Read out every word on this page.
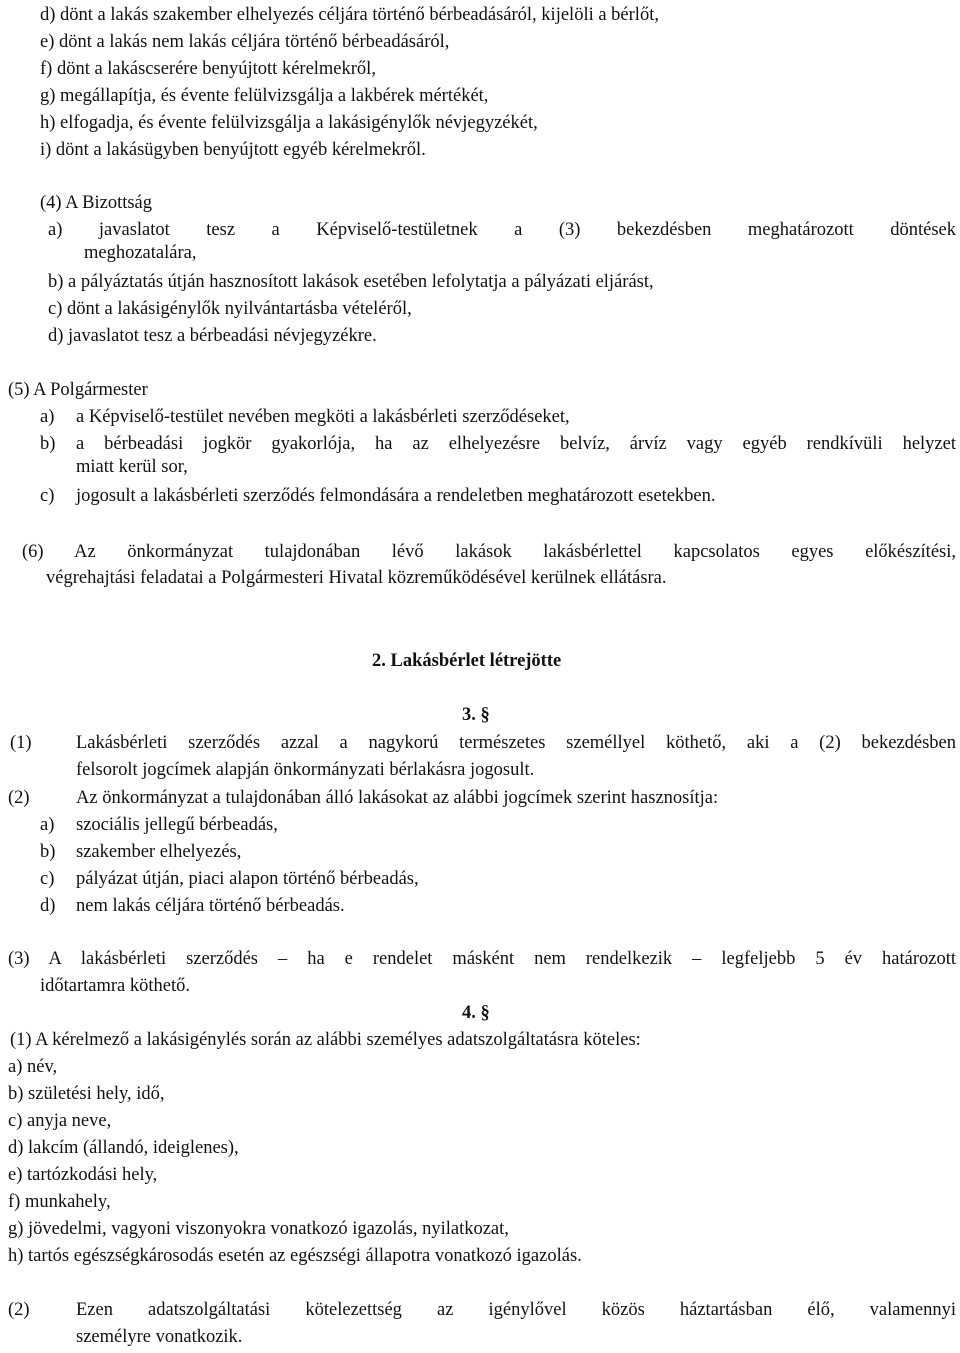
d) dönt a lakás szakember elhelyezés céljára történő bérbeadásáról, kijelöli a bérlőt,
e) dönt a lakás nem lakás céljára történő bérbeadásáról,
f) dönt a lakáscserére benyújtott kérelmekről,
g) megállapítja, és évente felülvizsgálja a lakbérek mértékét,
h) elfogadja, és évente felülvizsgálja a lakásigénylők névjegyzékét,
i) dönt a lakásügyben benyújtott egyéb kérelmekről.
(4) A Bizottság
a) javaslatot tesz a Képviselő-testületnek a (3) bekezdésben meghatározott döntések
meghozatalára,
b) a pályáztatás útján hasznosított lakások esetében lefolytatja a pályázati eljárást,
c) dönt a lakásigénylők nyilvántartásba vételéről,
d) javaslatot tesz a bérbeadási névjegyzékre.
(5) A Polgármester
a) a Képviselő-testület nevében megköti a lakásbérleti szerződéseket,
b) a bérbeadási jogkör gyakorlója, ha az elhelyezésre belvíz, árvíz vagy egyéb rendkívüli helyzet
miatt kerül sor,
c) jogosult a lakásbérleti szerződés felmondására a rendeletben meghatározott esetekben.
(6) Az önkormányzat tulajdonában lévő lakások lakásbérlettel kapcsolatos egyes előkészítési,
végrehajtási feladatai a Polgármesteri Hivatal közreműködésével kerülnek ellátásra.
2. Lakásbérlet létrejötte
3. §
(1) Lakásbérleti szerződés azzal a nagykorú természetes személlyel köthető, aki a (2) bekezdésben
felsorolt jogcímek alapján önkormányzati bérlakásra jogosult.
(2)	Az önkormányzat a tulajdonában álló lakásokat az alábbi jogcímek szerint hasznosítja:
a) szociális jellegű bérbeadás,
b) szakember elhelyezés,
c) pályázat útján, piaci alapon történő bérbeadás,
d) nem lakás céljára történő bérbeadás.
(3) A lakásbérleti szerződés – ha e rendelet másként nem rendelkezik – legfeljebb 5 év határozott
időtartamra köthető.
4. §
(1) A kérelmező a lakásigénylés során az alábbi személyes adatszolgáltatásra köteles:
a) név,
b) születési hely, idő,
c) anyja neve,
d) lakcím (állandó, ideiglenes),
e) tartózkodási hely,
f) munkahely,
g) jövedelmi, vagyoni viszonyokra vonatkozó igazolás, nyilatkozat,
h) tartós egészségkárosodás esetén az egészségi állapotra vonatkozó igazolás.
(2)	Ezen adatszolgáltatási kötelezettség az igénylővel közös háztartásban élő, valamennyi
személyre vonatkozik.
